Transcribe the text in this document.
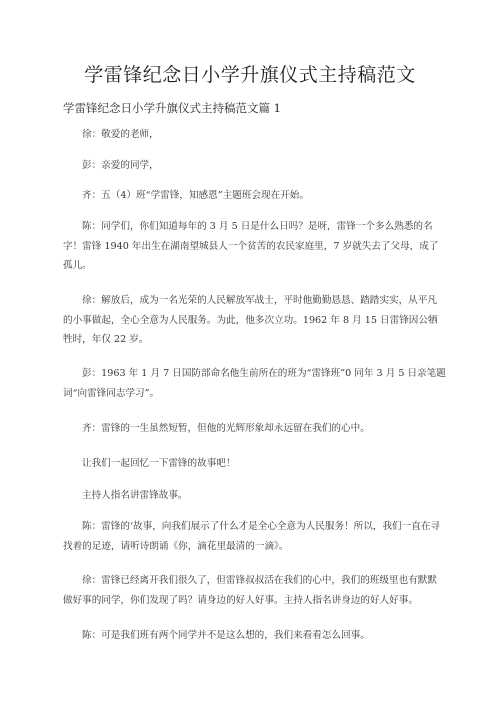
学雷锋纪念日小学升旗仪式主持稿范文
学雷锋纪念日小学升旗仪式主持稿范文篇 1

徐：敬爱的老师，

彭：亲爱的同学，

齐：五（4）班“学雷锋，知感恩”主题班会现在开始。

陈：同学们，你们知道每年的 3 月 5 日是什么日吗？是呀，雷锋一个多么熟悉的名字！雷锋 1940 年出生在湖南望城县人一个贫苦的农民家庭里，7 岁就失去了父母，成了孤儿。

徐：解放后，成为一名光荣的人民解放军战士，平时他勤勤恳恳、踏踏实实，从平凡的小事做起，全心全意为人民服务。为此，他多次立功。1962 年 8 月 15 日雷锋因公牺牲时，年仅 22 岁。

彭：1963 年 1 月 7 日国防部命名他生前所在的班为“雷锋班”0 同年 3 月 5 日亲笔题词“向雷锋同志学习”。

齐：雷锋的一生虽然短暂，但他的光辉形象却永远留在我们的心中。

让我们一起回忆一下雷锋的故事吧！

主持人指名讲雷锋故事。

陈：雷锋的‘故事，向我们展示了什么才是全心全意为人民服务！所以，我们一直在寻找着的足迹，请听诗朗诵《你，滴花里最清的一滴》。

徐：雷锋已经离开我们很久了，但雷锋叔叔活在我们的心中，我们的班级里也有默默做好事的同学，你们发现了吗？请身边的好人好事。主持人指名讲身边的好人好事。

陈：可是我们班有两个同学并不是这么想的，我们来看看怎么回事。
